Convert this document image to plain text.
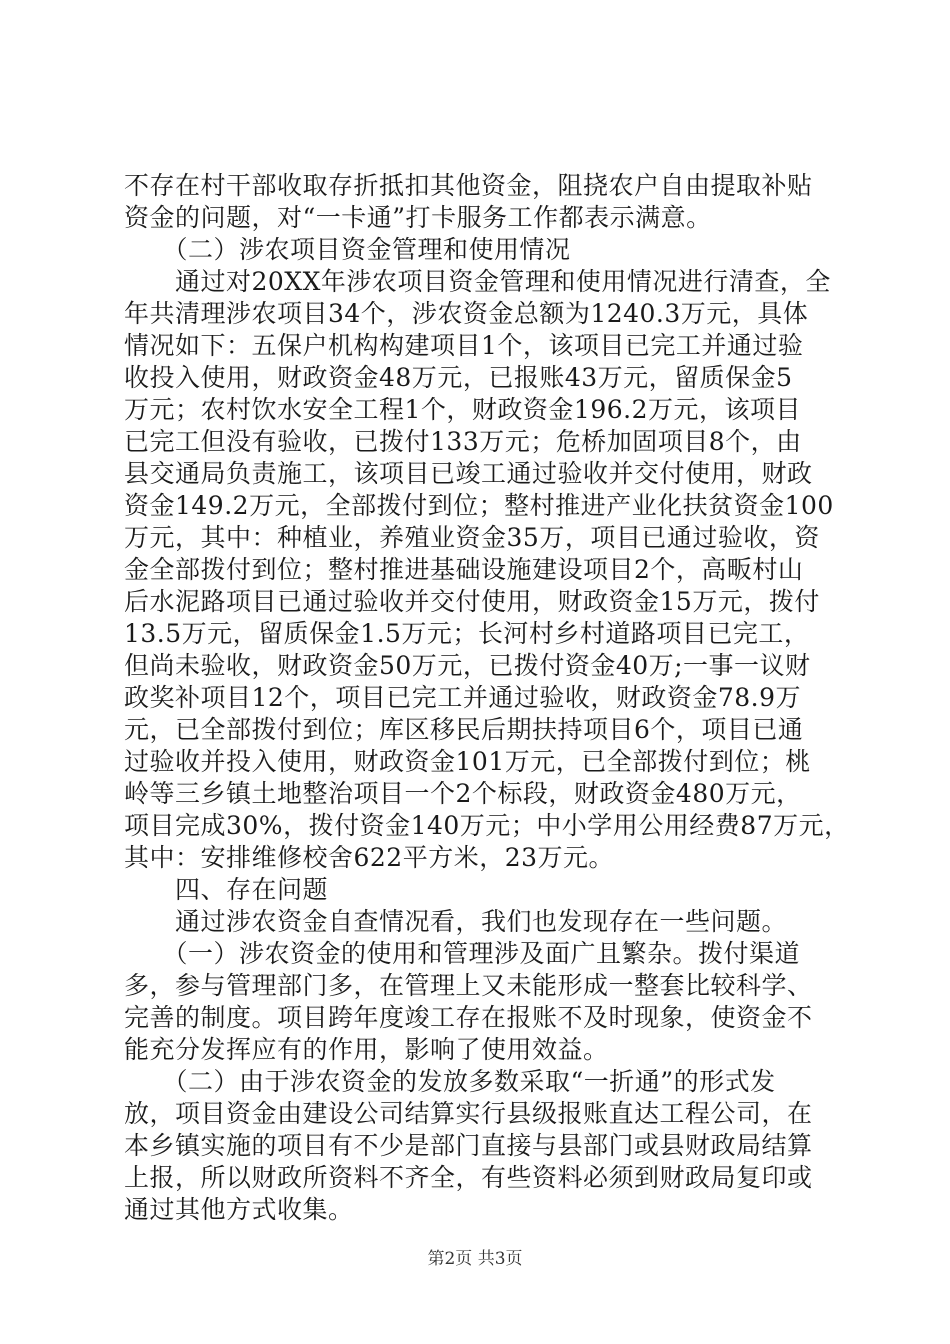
不存在村干部收取存折抵扣其他资金，阻挠农户自由提取补贴
资金的问题，对“一卡通”打卡服务工作都表示满意。
　　（二）涉农项目资金管理和使用情况
　　通过对20XX年涉农项目资金管理和使用情况进行清查，全
年共清理涉农项目34个，涉农资金总额为1240.3万元，具体
情况如下：五保户机构构建项目1个，该项目已完工并通过验
收投入使用，财政资金48万元，已报账43万元，留质保金5
万元；农村饮水安全工程1个，财政资金196.2万元，该项目
已完工但没有验收，已拨付133万元；危桥加固项目8个，由
县交通局负责施工，该项目已竣工通过验收并交付使用，财政
资金149.2万元，全部拨付到位；整村推进产业化扶贫资金100
万元，其中：种植业，养殖业资金35万，项目已通过验收，资
金全部拨付到位；整村推进基础设施建设项目2个，高畈村山
后水泥路项目已通过验收并交付使用，财政资金15万元，拨付
13.5万元，留质保金1.5万元；长河村乡村道路项目已完工，
但尚未验收，财政资金50万元，已拨付资金40万;一事一议财
政奖补项目12个，项目已完工并通过验收，财政资金78.9万
元，已全部拨付到位；库区移民后期扶持项目6个，项目已通
过验收并投入使用，财政资金101万元，已全部拨付到位；桃
岭等三乡镇土地整治项目一个2个标段，财政资金480万元，
项目完成30%，拨付资金140万元；中小学用公用经费87万元，
其中：安排维修校舍622平方米，23万元。
　　四、存在问题
　　通过涉农资金自查情况看，我们也发现存在一些问题。
　　（一）涉农资金的使用和管理涉及面广且繁杂。拨付渠道
多，参与管理部门多，在管理上又未能形成一整套比较科学、
完善的制度。项目跨年度竣工存在报账不及时现象，使资金不
能充分发挥应有的作用，影响了使用效益。
　　（二）由于涉农资金的发放多数采取“一折通”的形式发
放，项目资金由建设公司结算实行县级报账直达工程公司，在
本乡镇实施的项目有不少是部门直接与县部门或县财政局结算
上报，所以财政所资料不齐全，有些资料必须到财政局复印或
通过其他方式收集。
第2页 共3页
